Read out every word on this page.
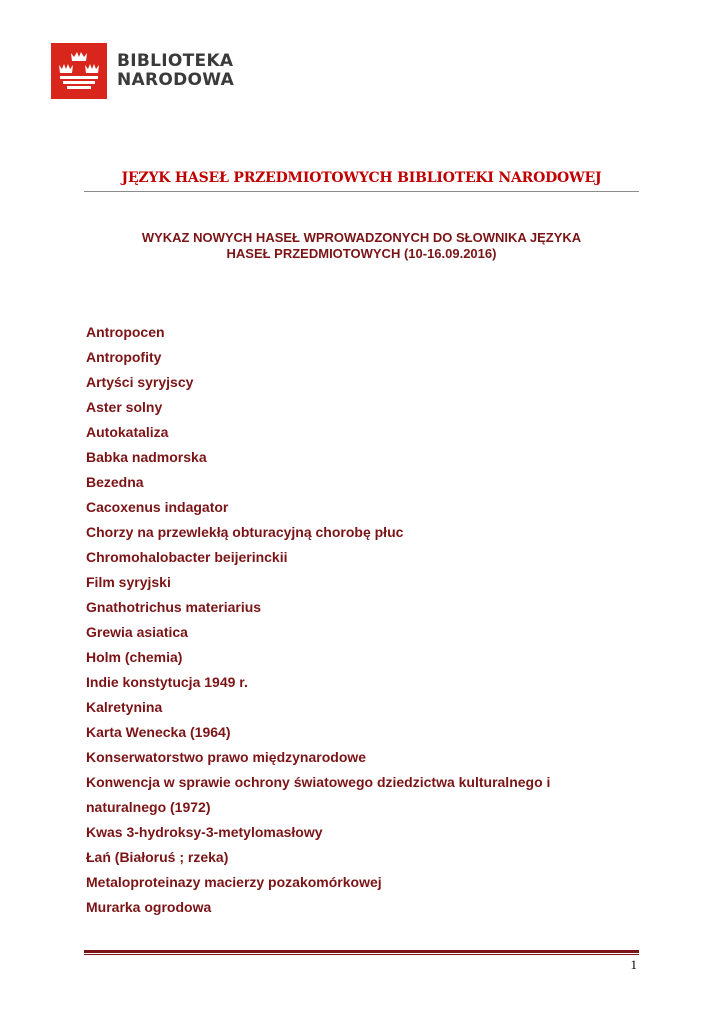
BIBLIOTEKA
NARODOWA
JĘZYK HASEŁ PRZEDMIOTOWYCH BIBLIOTEKI NARODOWEJ
WYKAZ NOWYCH HASEŁ WPROWADZONYCH DO SŁOWNIKA JĘZYKA
HASEŁ PRZEDMIOTOWYCH (10-16.09.2016)
Antropocen
Antropofity
Artyści syryjscy
Aster solny
Autokataliza
Babka nadmorska
Bezedna
Cacoxenus indagator
Chorzy na przewlekłą obturacyjną chorobę płuc
Chromohalobacter beijerinckii
Film syryjski
Gnathotrichus materiarius
Grewia asiatica
Holm (chemia)
Indie konstytucja 1949 r.
Kalretynina
Karta Wenecka (1964)
Konserwatorstwo prawo międzynarodowe
Konwencja w sprawie ochrony światowego dziedzictwa kulturalnego i
naturalnego (1972)
Kwas 3-hydroksy-3-metylomasłowy
Łań (Białoruś ; rzeka)
Metaloproteinazy macierzy pozakomórkowej
Murarka ogrodowa
1
